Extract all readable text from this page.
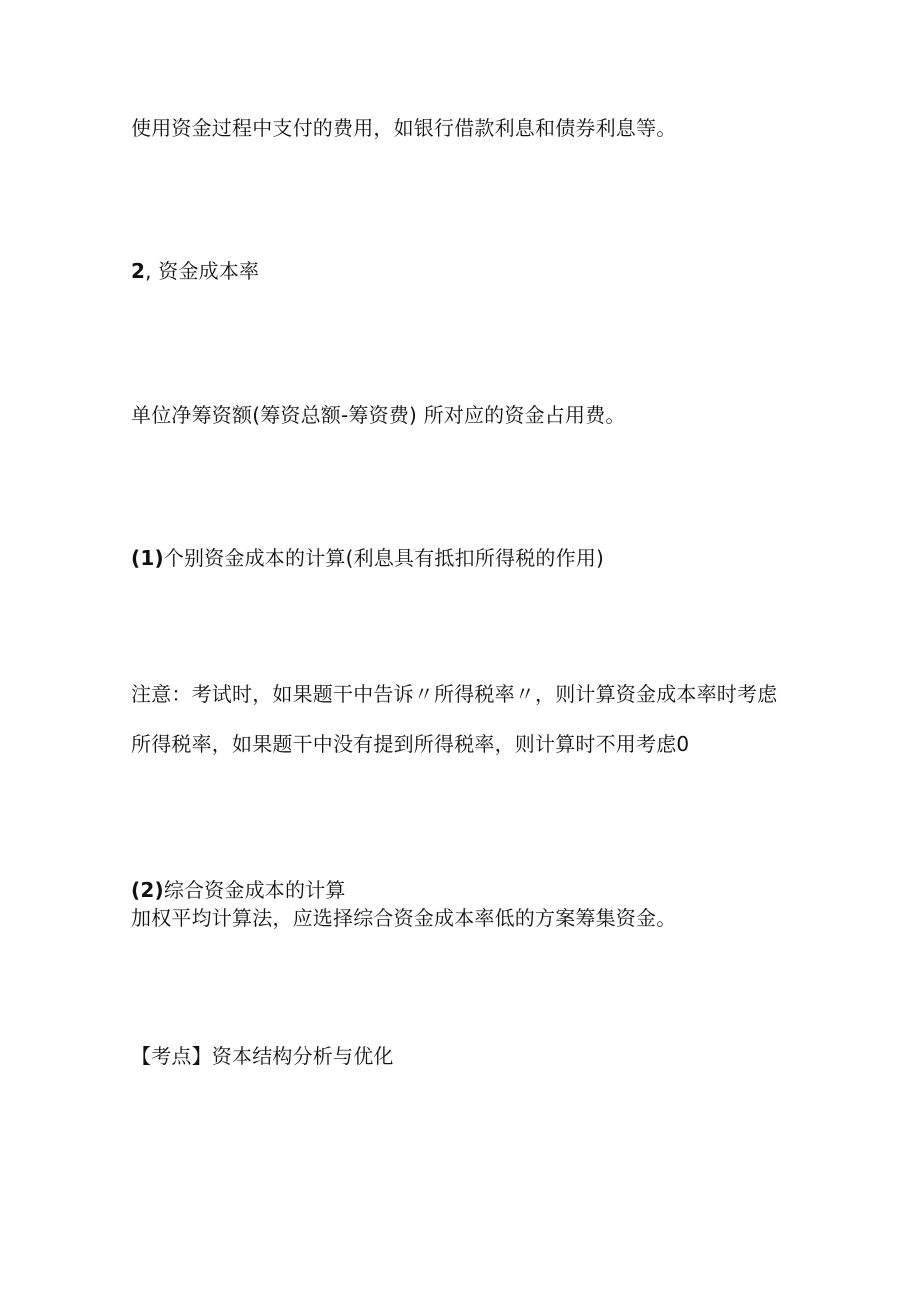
使用资金过程中支付的费用，如银行借款利息和债券利息等。

2, 资金成本率

单位净筹资额(筹资总额-筹资费) 所对应的资金占用费。

(1)个别资金成本的计算(利息具有抵扣所得税的作用)

注意：考试时，如果题干中告诉〃所得税率〃，则计算资金成本率时考虑

所得税率，如果题干中没有提到所得税率，则计算时不用考虑0

(2)综合资金成本的计算

加权平均计算法，应选择综合资金成本率低的方案筹集资金。

【考点】资本结构分析与优化
